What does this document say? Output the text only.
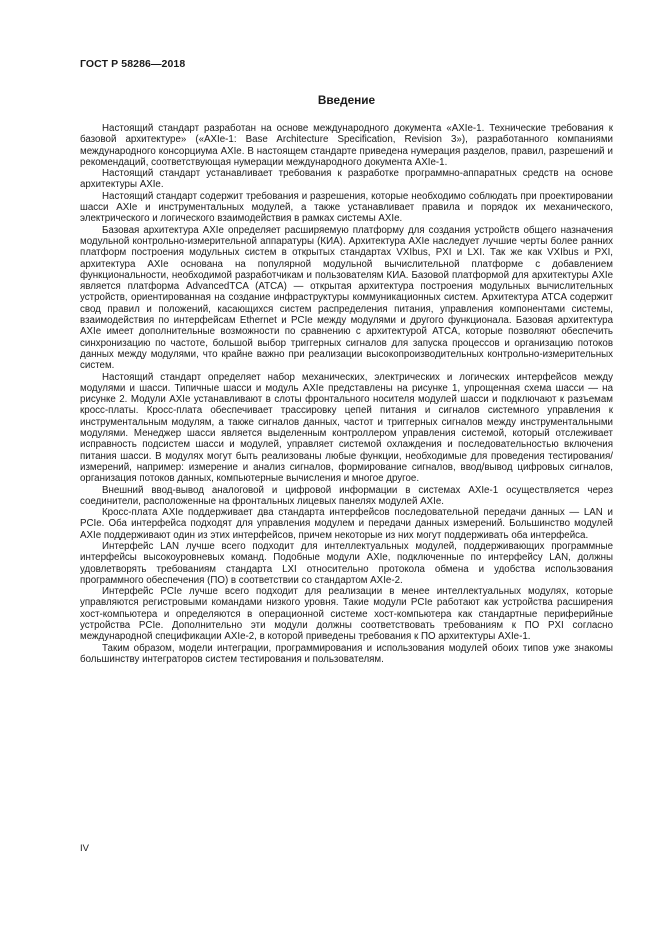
ГОСТ Р 58286—2018
Введение

Настоящий стандарт разработан на основе международного документа «AXIe-1. Технические требования к базовой архитектуре» («AXIe-1: Base Architecture Specification, Revision 3»), разработанного компаниями международного консорциума AXIe. В настоящем стандарте приведена нумерация разделов, правил, разрешений и рекомендаций, соответствующая нумерации международного документа AXIe-1.

Настоящий стандарт устанавливает требования к разработке программно-аппаратных средств на основе архитектуры AXIe.

Настоящий стандарт содержит требования и разрешения, которые необходимо соблюдать при проектировании шасси AXIe и инструментальных модулей, а также устанавливает правила и порядок их механического, электрического и логического взаимодействия в рамках системы AXIe.

Базовая архитектура AXIe определяет расширяемую платформу для создания устройств общего назначения модульной контрольно-измерительной аппаратуры (КИА). Архитектура AXIe наследует лучшие черты более ранних платформ построения модульных систем в открытых стандартах VXIbus, PXI и LXI. Так же как VXIbus и PXI, архитектура AXIe основана на популярной модульной вычислительной платформе с добавлением функциональности, необходимой разработчикам и пользователям КИА. Базовой платформой для архитектуры AXIe является платформа AdvancedTCA (ATCA) — открытая архитектура построения модульных вычислительных устройств, ориентированная на создание инфраструктуры коммуникационных систем. Архитектура ATCA содержит свод правил и положений, касающихся систем распределения питания, управления компонентами системы, взаимодействия по интерфейсам Ethernet и PCIe между модулями и другого функционала. Базовая архитектура AXIe имеет дополнительные возможности по сравнению с архитектурой ATCA, которые позволяют обеспечить синхронизацию по частоте, большой выбор триггерных сигналов для запуска процессов и организацию потоков данных между модулями, что крайне важно при реализации высокопроизводительных контрольно-измерительных систем.

Настоящий стандарт определяет набор механических, электрических и логических интерфейсов между модулями и шасси. Типичные шасси и модуль AXIe представлены на рисунке 1, упрощенная схема шасси — на рисунке 2. Модули AXIe устанавливают в слоты фронтального носителя модулей шасси и подключают к разъемам кросс-платы. Кросс-плата обеспечивает трассировку цепей питания и сигналов системного управления к инструментальным модулям, а также сигналов данных, частот и триггерных сигналов между инструментальными модулями. Менеджер шасси является выделенным контроллером управления системой, который отслеживает исправность подсистем шасси и модулей, управляет системой охлаждения и последовательностью включения питания шасси. В модулях могут быть реализованы любые функции, необходимые для проведения тестирования/измерений, например: измерение и анализ сигналов, формирование сигналов, ввод/вывод цифровых сигналов, организация потоков данных, компьютерные вычисления и многое другое.

Внешний ввод-вывод аналоговой и цифровой информации в системах AXIe-1 осуществляется через соединители, расположенные на фронтальных лицевых панелях модулей AXIe.

Кросс-плата AXIe поддерживает два стандарта интерфейсов последовательной передачи данных — LAN и PCIe. Оба интерфейса подходят для управления модулем и передачи данных измерений. Большинство модулей AXIe поддерживают один из этих интерфейсов, причем некоторые из них могут поддерживать оба интерфейса.

Интерфейс LAN лучше всего подходит для интеллектуальных модулей, поддерживающих программные интерфейсы высокоуровневых команд. Подобные модули AXIe, подключенные по интерфейсу LAN, должны удовлетворять требованиям стандарта LXI относительно протокола обмена и удобства использования программного обеспечения (ПО) в соответствии со стандартом AXIe-2.

Интерфейс PCIe лучше всего подходит для реализации в менее интеллектуальных модулях, которые управляются регистровыми командами низкого уровня. Такие модули PCIe работают как устройства расширения хост-компьютера и определяются в операционной системе хост-компьютера как стандартные периферийные устройства PCIe. Дополнительно эти модули должны соответствовать требованиям к ПО PXI согласно международной спецификации AXIe-2, в которой приведены требования к ПО архитектуры AXIe-1.

Таким образом, модели интеграции, программирования и использования модулей обоих типов уже знакомы большинству интеграторов систем тестирования и пользователям.

IV
